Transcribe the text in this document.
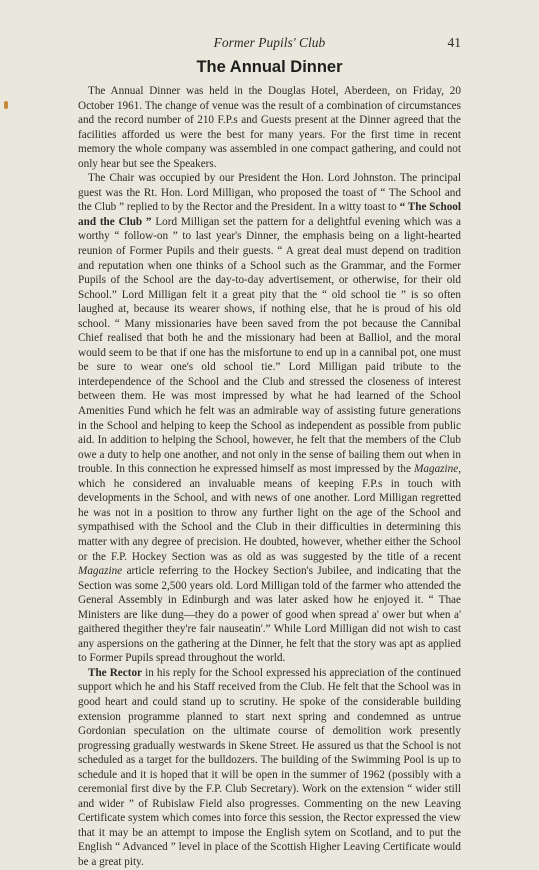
Former Pupils' Club	41
The Annual Dinner

The Annual Dinner was held in the Douglas Hotel, Aberdeen, on Friday, 20 October 1961. The change of venue was the result of a combination of circumstances and the record number of 210 F.P.s and Guests present at the Dinner agreed that the facilities afforded us were the best for many years. For the first time in recent memory the whole company was assembled in one compact gathering, and could not only hear but see the Speakers.

The Chair was occupied by our President the Hon. Lord Johnston. The principal guest was the Rt. Hon. Lord Milligan, who proposed the toast of “ The School and the Club ” replied to by the Rector and the President. In a witty toast to “ The School and the Club ” Lord Milligan set the pattern for a delightful evening which was a worthy “ follow-on ” to last year's Dinner, the emphasis being on a light-hearted reunion of Former Pupils and their guests. “ A great deal must depend on tradition and reputation when one thinks of a School such as the Grammar, and the Former Pupils of the School are the day-to-day advertisement, or otherwise, for their old School.” Lord Milligan felt it a great pity that the “ old school tie ” is so often laughed at, because its wearer shows, if nothing else, that he is proud of his old school. “ Many missionaries have been saved from the pot because the Cannibal Chief realised that both he and the missionary had been at Balliol, and the moral would seem to be that if one has the misfortune to end up in a cannibal pot, one must be sure to wear one's old school tie.” Lord Milligan paid tribute to the interdependence of the School and the Club and stressed the closeness of interest between them. He was most impressed by what he had learned of the School Amenities Fund which he felt was an admirable way of assisting future generations in the School and helping to keep the School as independent as possible from public aid. In addition to helping the School, however, he felt that the members of the Club owe a duty to help one another, and not only in the sense of bailing them out when in trouble. In this connection he expressed himself as most impressed by the Magazine, which he considered an invaluable means of keeping F.P.s in touch with developments in the School, and with news of one another. Lord Milligan regretted he was not in a position to throw any further light on the age of the School and sympathised with the School and the Club in their difficulties in determining this matter with any degree of precision. He doubted, however, whether either the School or the F.P. Hockey Section was as old as was suggested by the title of a recent Magazine article referring to the Hockey Section's Jubilee, and indicating that the Section was some 2,500 years old. Lord Milligan told of the farmer who attended the General Assembly in Edinburgh and was later asked how he enjoyed it. “ Thae Ministers are like dung—they do a power of good when spread a' ower but when a' gaithered thegither they're fair nauseatin'.” While Lord Milligan did not wish to cast any aspersions on the gathering at the Dinner, he felt that the story was apt as applied to Former Pupils spread throughout the world.

The Rector in his reply for the School expressed his appreciation of the continued support which he and his Staff received from the Club. He felt that the School was in good heart and could stand up to scrutiny. He spoke of the considerable building extension programme planned to start next spring and condemned as untrue Gordonian speculation on the ultimate course of demolition work presently progressing gradually westwards in Skene Street. He assured us that the School is not scheduled as a target for the bulldozers. The building of the Swimming Pool is up to schedule and it is hoped that it will be open in the summer of 1962 (possibly with a ceremonial first dive by the F.P. Club Secretary). Work on the extension “ wider still and wider ” of Rubislaw Field also progresses. Commenting on the new Leaving Certificate system which comes into force this session, the Rector expressed the view that it may be an attempt to impose the English sytem on Scotland, and to put the English “ Advanced ” level in place of the Scottish Higher Leaving Certificate would be a great pity.
